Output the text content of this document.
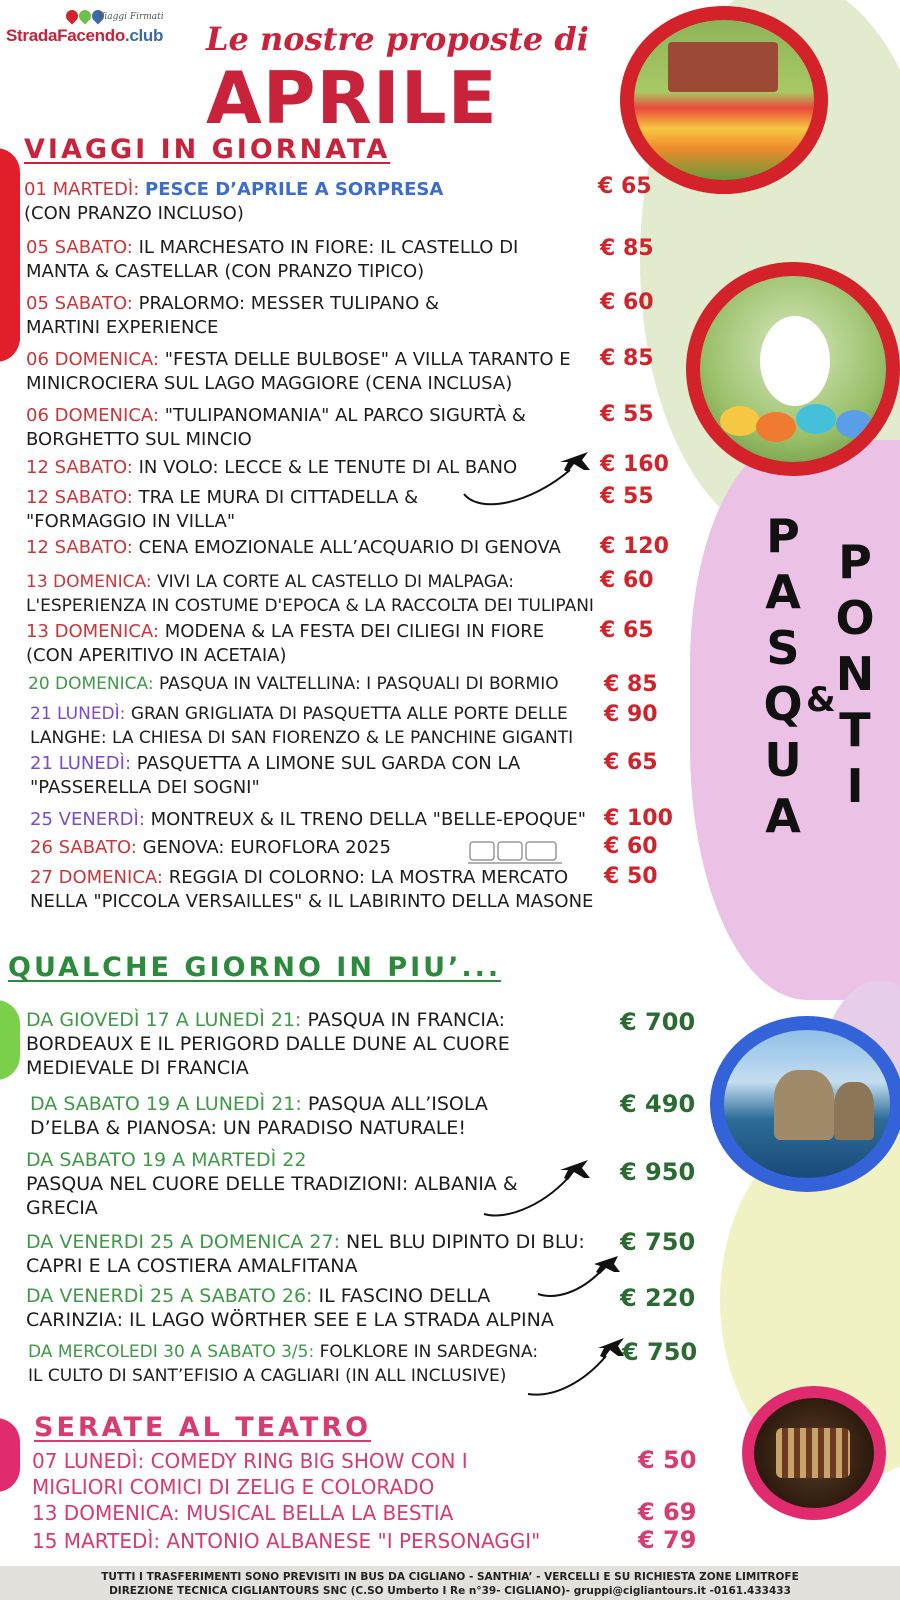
Viaggi Firmati
StradaFacendo.club Le nostre proposte di
APRILE
P
A
S
Q
U
A
&
P
O
N
T
I
VIAGGI IN GIORNATA
01 MARTEDÌ: PESCE D’APRILE A SORPRESA
(CON PRANZO INCLUSO)
€ 65
05 SABATO: IL MARCHESATO IN FIORE: IL CASTELLO DI
MANTA & CASTELLAR (CON PRANZO TIPICO)
€ 85
05 SABATO: PRALORMO: MESSER TULIPANO &
MARTINI EXPERIENCE
€ 60
06 DOMENICA: "FESTA DELLE BULBOSE" A VILLA TARANTO E
MINICROCIERA SUL LAGO MAGGIORE (CENA INCLUSA)
€ 85
06 DOMENICA: "TULIPANOMANIA" AL PARCO SIGURTÀ &
BORGHETTO SUL MINCIO
€ 55
12 SABATO: IN VOLO: LECCE & LE TENUTE DI AL BANO	€ 160
12 SABATO: TRA LE MURA DI CITTADELLA &
"FORMAGGIO IN VILLA"
€ 55
12 SABATO: CENA EMOZIONALE ALL’ACQUARIO DI GENOVA € 120
13 DOMENICA: VIVI LA CORTE AL CASTELLO DI MALPAGA:
L'ESPERIENZA IN COSTUME D'EPOCA & LA RACCOLTA DEI TULIPANI
€ 60
13 DOMENICA: MODENA & LA FESTA DEI CILIEGI IN FIORE
(CON APERITIVO IN ACETAIA)
€ 65
20 DOMENICA: PASQUA IN VALTELLINA: I PASQUALI DI BORMIO € 85
21 LUNEDÌ: GRAN GRIGLIATA DI PASQUETTA ALLE PORTE DELLE
LANGHE: LA CHIESA DI SAN FIORENZO & LE PANCHINE GIGANTI
€ 90
21 LUNEDÌ: PASQUETTA A LIMONE SUL GARDA CON LA
"PASSERELLA DEI SOGNI"
€ 65
25 VENERDÌ: MONTREUX & IL TRENO DELLA "BELLE-EPOQUE" € 100
26 SABATO: GENOVA: EUROFLORA 2025	€ 60
27 DOMENICA: REGGIA DI COLORNO: LA MOSTRA MERCATO
NELLA "PICCOLA VERSAILLES" & IL LABIRINTO DELLA MASONE
€ 50
QUALCHE GIORNO IN PIU’...
DA GIOVEDÌ 17 A LUNEDÌ 21: PASQUA IN FRANCIA:
BORDEAUX E IL PERIGORD DALLE DUNE AL CUORE
MEDIEVALE DI FRANCIA
€ 700
DA SABATO 19 A LUNEDÌ 21: PASQUA ALL’ISOLA
D’ELBA & PIANOSA: UN PARADISO NATURALE!
€ 490
DA SABATO 19 A MARTEDÌ 22
PASQUA NEL CUORE DELLE TRADIZIONI: ALBANIA &
GRECIA
€ 950
DA VENERDI 25 A DOMENICA 27: NEL BLU DIPINTO DI BLU:
CAPRI E LA COSTIERA AMALFITANA
€ 750
DA VENERDÌ 25 A SABATO 26: IL FASCINO DELLA
CARINZIA: IL LAGO WÖRTHER SEE E LA STRADA ALPINA
€ 220
DA MERCOLEDI 30 A SABATO 3/5: FOLKLORE IN SARDEGNA:
IL CULTO DI SANT’EFISIO A CAGLIARI (IN ALL INCLUSIVE)
€ 750
SERATE AL TEATRO
07 LUNEDÌ: COMEDY RING BIG SHOW CON I
MIGLIORI COMICI DI ZELIG E COLORADO
€ 50
13 DOMENICA: MUSICAL BELLA LA BESTIA	€ 69
15 MARTEDÌ: ANTONIO ALBANESE "I PERSONAGGI"	€ 79
TUTTI I TRASFERIMENTI SONO PREVISITI IN BUS DA CIGLIANO - SANTHIA’ - VERCELLI E SU RICHIESTA ZONE LIMITROFE
DIREZIONE TECNICA CIGLIANTOURS SNC (C.SO Umberto I Re n°39- CIGLIANO)- gruppi@cigliantours.it -0161.433433
